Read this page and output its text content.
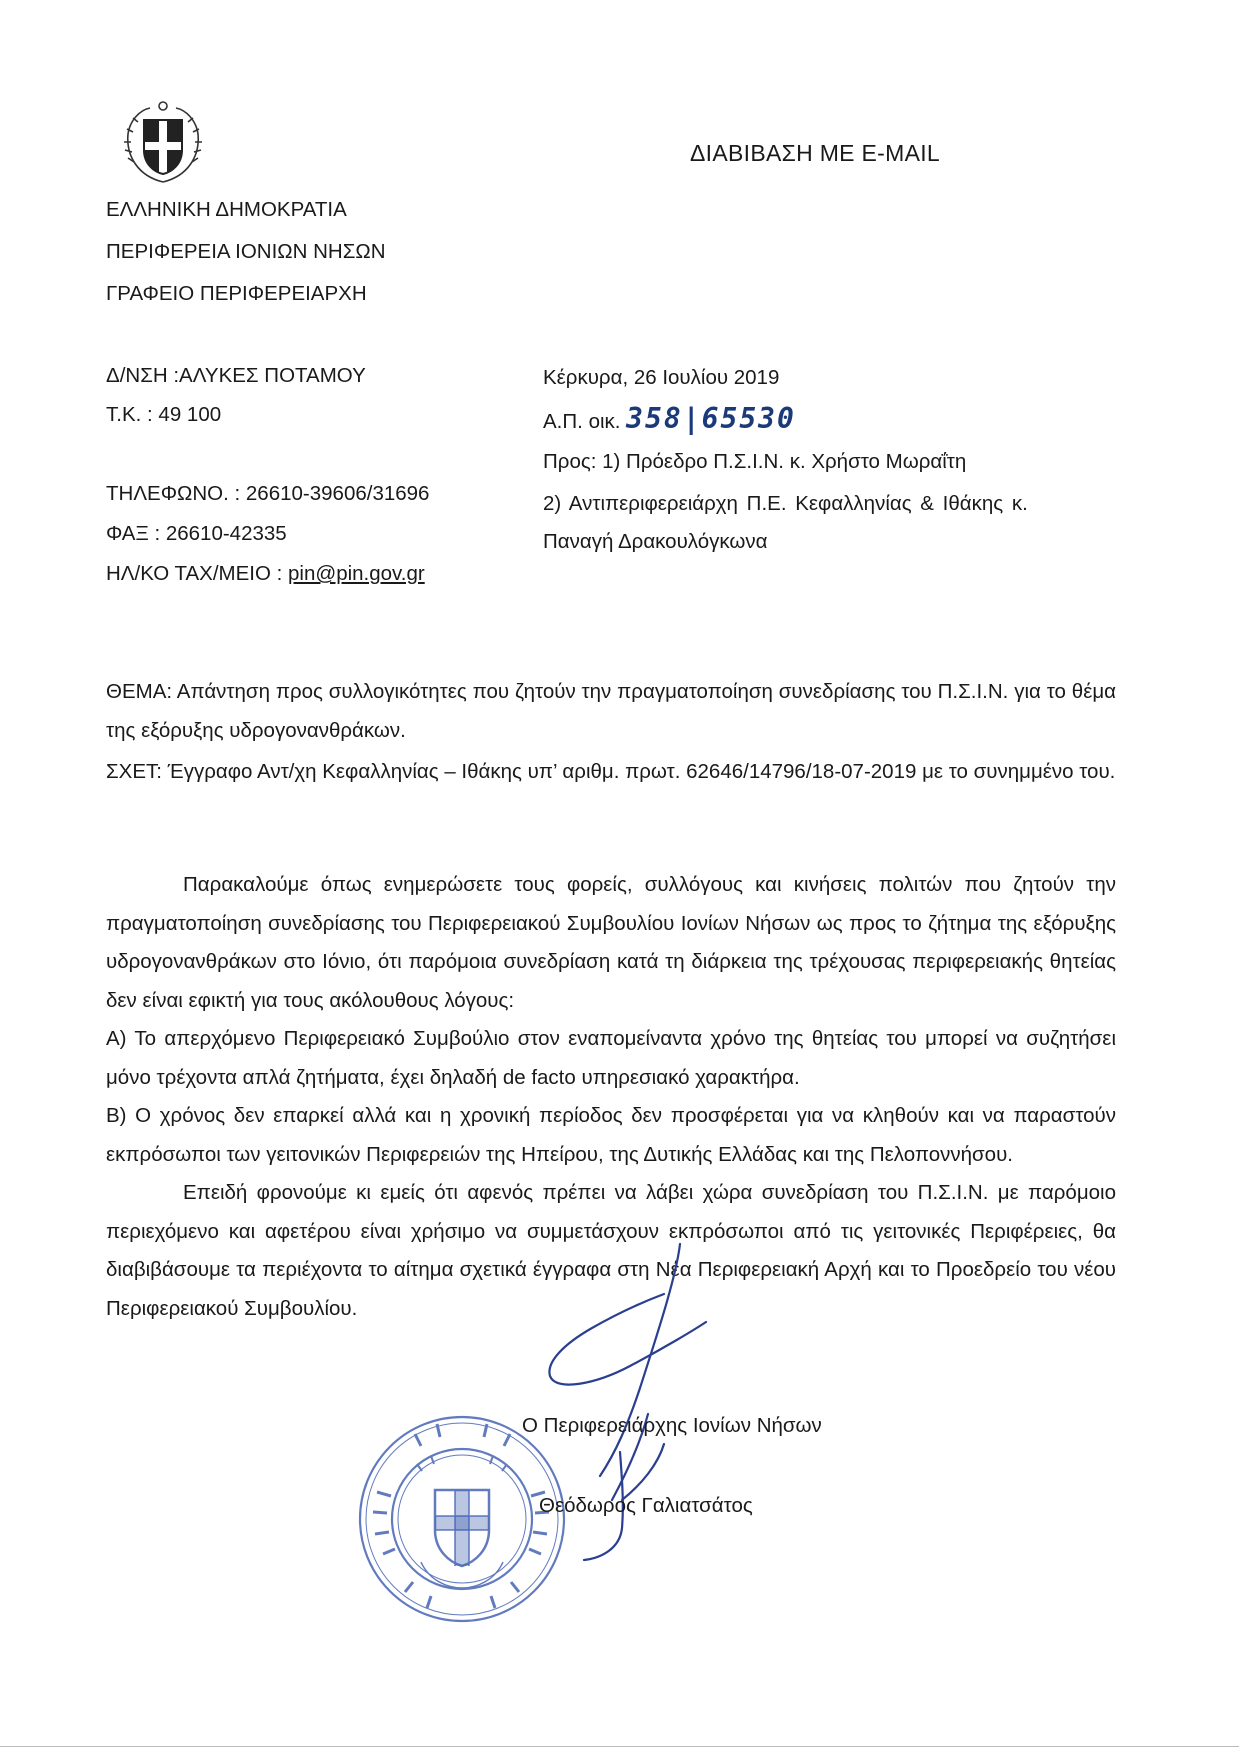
ΔΙΑΒΙΒΑΣΗ ΜΕ E-MAIL
ΕΛΛΗΝΙΚΗ ΔΗΜΟΚΡΑΤΙΑ
ΠΕΡΙΦΕΡΕΙΑ ΙΟΝΙΩΝ ΝΗΣΩΝ
ΓΡΑΦΕΙΟ ΠΕΡΙΦΕΡΕΙΑΡΧΗ
Δ/ΝΣΗ :ΑΛΥΚΕΣ ΠΟΤΑΜΟΥ
Τ.Κ. : 49 100
ΤΗΛΕΦΩΝΟ. : 26610-39606/31696
ΦΑΞ : 26610-42335
ΗΛ/ΚΟ ΤΑΧ/ΜΕΙΟ : pin@pin.gov.gr
Κέρκυρα, 26 Ιουλίου 2019
Α.Π. οικ. 358|65530
Προς: 1) Πρόεδρο Π.Σ.Ι.Ν. κ. Χρήστο Μωραΐτη
2) Αντιπεριφερειάρχη Π.Ε. Κεφαλληνίας & Ιθάκης κ.
Παναγή Δρακουλόγκωνα

ΘΕΜΑ: Απάντηση προς συλλογικότητες που ζητούν την πραγματοποίηση συνεδρίασης του Π.Σ.Ι.Ν. για το θέμα της εξόρυξης υδρογονανθράκων.

ΣΧΕΤ: Έγγραφο Αντ/χη Κεφαλληνίας – Ιθάκης υπ’ αριθμ. πρωτ. 62646/14796/18-07-2019 με το συνημμένο του.

Παρακαλούμε όπως ενημερώσετε τους φορείς, συλλόγους και κινήσεις πολιτών που ζητούν την πραγματοποίηση συνεδρίασης του Περιφερειακού Συμβουλίου Ιονίων Νήσων ως προς το ζήτημα της εξόρυξης υδρογονανθράκων στο Ιόνιο, ότι παρόμοια συνεδρίαση κατά τη διάρκεια της τρέχουσας περιφερειακής θητείας δεν είναι εφικτή για τους ακόλουθους λόγους:

Α) Το απερχόμενο Περιφερειακό Συμβούλιο στον εναπομείναντα χρόνο της θητείας του μπορεί να συζητήσει μόνο τρέχοντα απλά ζητήματα, έχει δηλαδή de facto υπηρεσιακό χαρακτήρα.

Β) Ο χρόνος δεν επαρκεί αλλά και η χρονική περίοδος δεν προσφέρεται για να κληθούν και να παραστούν εκπρόσωποι των γειτονικών Περιφερειών της Ηπείρου, της Δυτικής Ελλάδας και της Πελοποννήσου.

Επειδή φρονούμε κι εμείς ότι αφενός πρέπει να λάβει χώρα συνεδρίαση του Π.Σ.Ι.Ν. με παρόμοιο περιεχόμενο και αφετέρου είναι χρήσιμο να συμμετάσχουν εκπρόσωποι από τις γειτονικές Περιφέρειες, θα διαβιβάσουμε τα περιέχοντα το αίτημα σχετικά έγγραφα στη Νέα Περιφερειακή Αρχή και το Προεδρείο του νέου Περιφερειακού Συμβουλίου.

Ο Περιφερειάρχης Ιονίων Νήσων
Θεόδωρος Γαλιατσάτος
